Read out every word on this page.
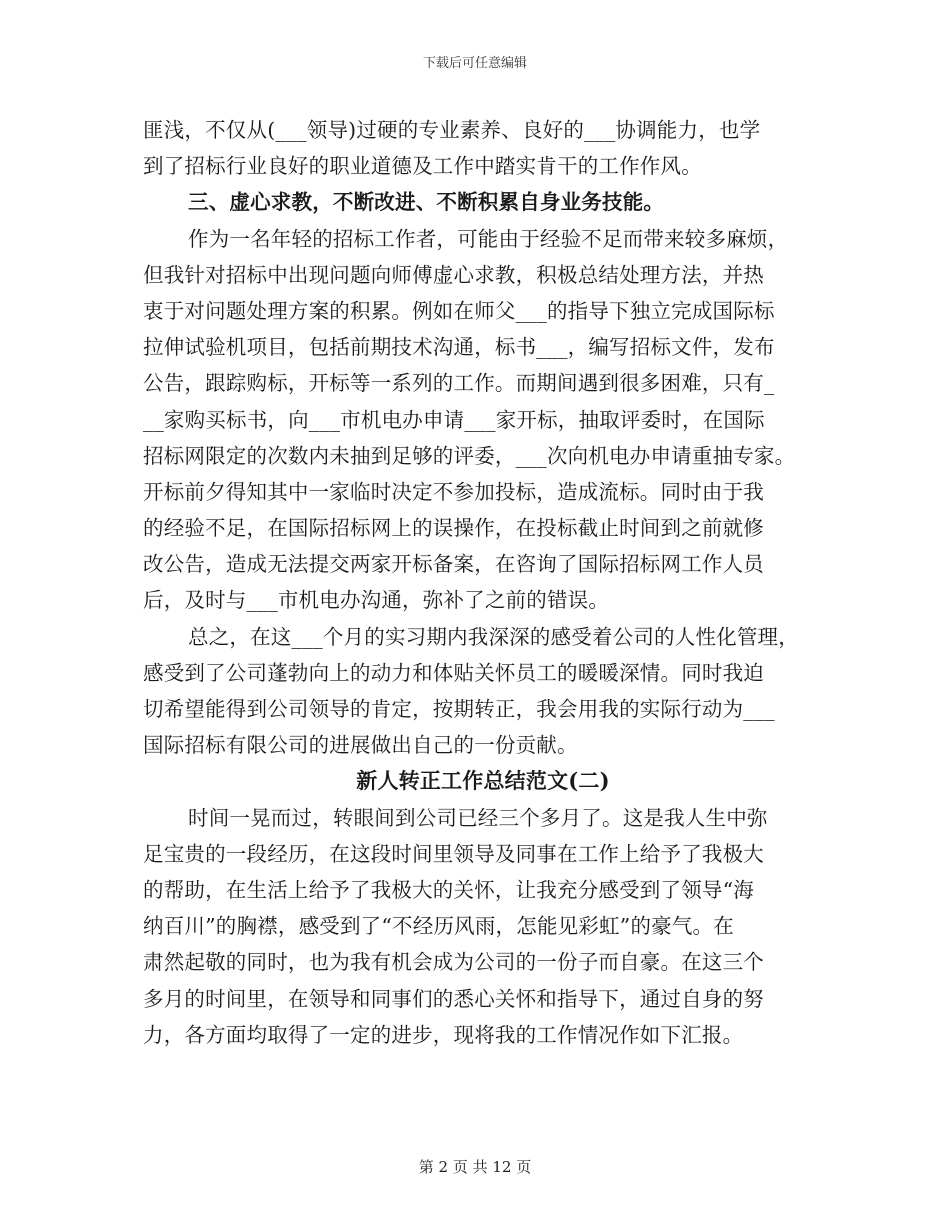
下载后可任意编辑
匪浅，不仅从(___领导)过硬的专业素养、良好的___协调能力，也学
到了招标行业良好的职业道德及工作中踏实肯干的工作作风。
三、虚心求教，不断改进、不断积累自身业务技能。
作为一名年轻的招标工作者，可能由于经验不足而带来较多麻烦，
但我针对招标中出现问题向师傅虚心求教，积极总结处理方法，并热
衷于对问题处理方案的积累。例如在师父___的指导下独立完成国际标
拉伸试验机项目，包括前期技术沟通，标书___，编写招标文件，发布
公告，跟踪购标，开标等一系列的工作。而期间遇到很多困难，只有_
__家购买标书，向___市机电办申请___家开标，抽取评委时，在国际
招标网限定的次数内未抽到足够的评委，___次向机电办申请重抽专家。
开标前夕得知其中一家临时决定不参加投标，造成流标。同时由于我
的经验不足，在国际招标网上的误操作，在投标截止时间到之前就修
改公告，造成无法提交两家开标备案，在咨询了国际招标网工作人员
后，及时与___市机电办沟通，弥补了之前的错误。
总之，在这___个月的实习期内我深深的感受着公司的人性化管理，
感受到了公司蓬勃向上的动力和体贴关怀员工的暖暖深情。同时我迫
切希望能得到公司领导的肯定，按期转正，我会用我的实际行动为___
国际招标有限公司的进展做出自己的一份贡献。
新人转正工作总结范文(二)
时间一晃而过，转眼间到公司已经三个多月了。这是我人生中弥
足宝贵的一段经历，在这段时间里领导及同事在工作上给予了我极大
的帮助，在生活上给予了我极大的关怀，让我充分感受到了领导“海
纳百川”的胸襟，感受到了“不经历风雨，怎能见彩虹”的豪气。在
肃然起敬的同时，也为我有机会成为公司的一份子而自豪。在这三个
多月的时间里，在领导和同事们的悉心关怀和指导下，通过自身的努
力，各方面均取得了一定的进步，现将我的工作情况作如下汇报。
第 2 页 共 12 页
